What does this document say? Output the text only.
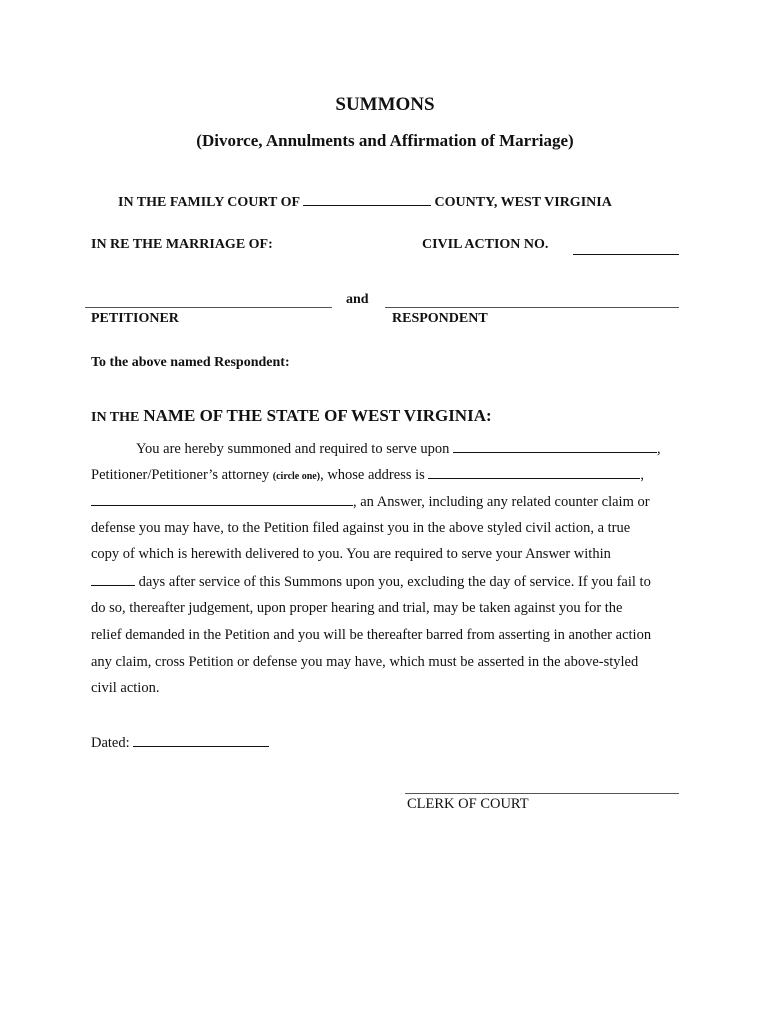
SUMMONS
(Divorce, Annulments and Affirmation of Marriage)
IN THE FAMILY COURT OF	COUNTY, WEST VIRGINIA
IN RE THE MARRIAGE OF:	CIVIL ACTION NO.
and
PETITIONER	RESPONDENT
To the above named Respondent:
IN THE NAME OF THE STATE OF WEST VIRGINIA:
You are hereby summoned and required to serve upon	,
Petitioner/Petitioner’s attorney (circle one), whose address is	,
, an Answer, including any related counter claim or
defense you may have, to the Petition filed against you in the above styled civil action, a true
copy of which is herewith delivered to you. You are required to serve your Answer within
days after service of this Summons upon you, excluding the day of service. If you fail to
do so, thereafter judgement, upon proper hearing and trial, may be taken against you for the
relief demanded in the Petition and you will be thereafter barred from asserting in another action
any claim, cross Petition or defense you may have, which must be asserted in the above-styled
civil action.
Dated:
CLERK OF COURT
